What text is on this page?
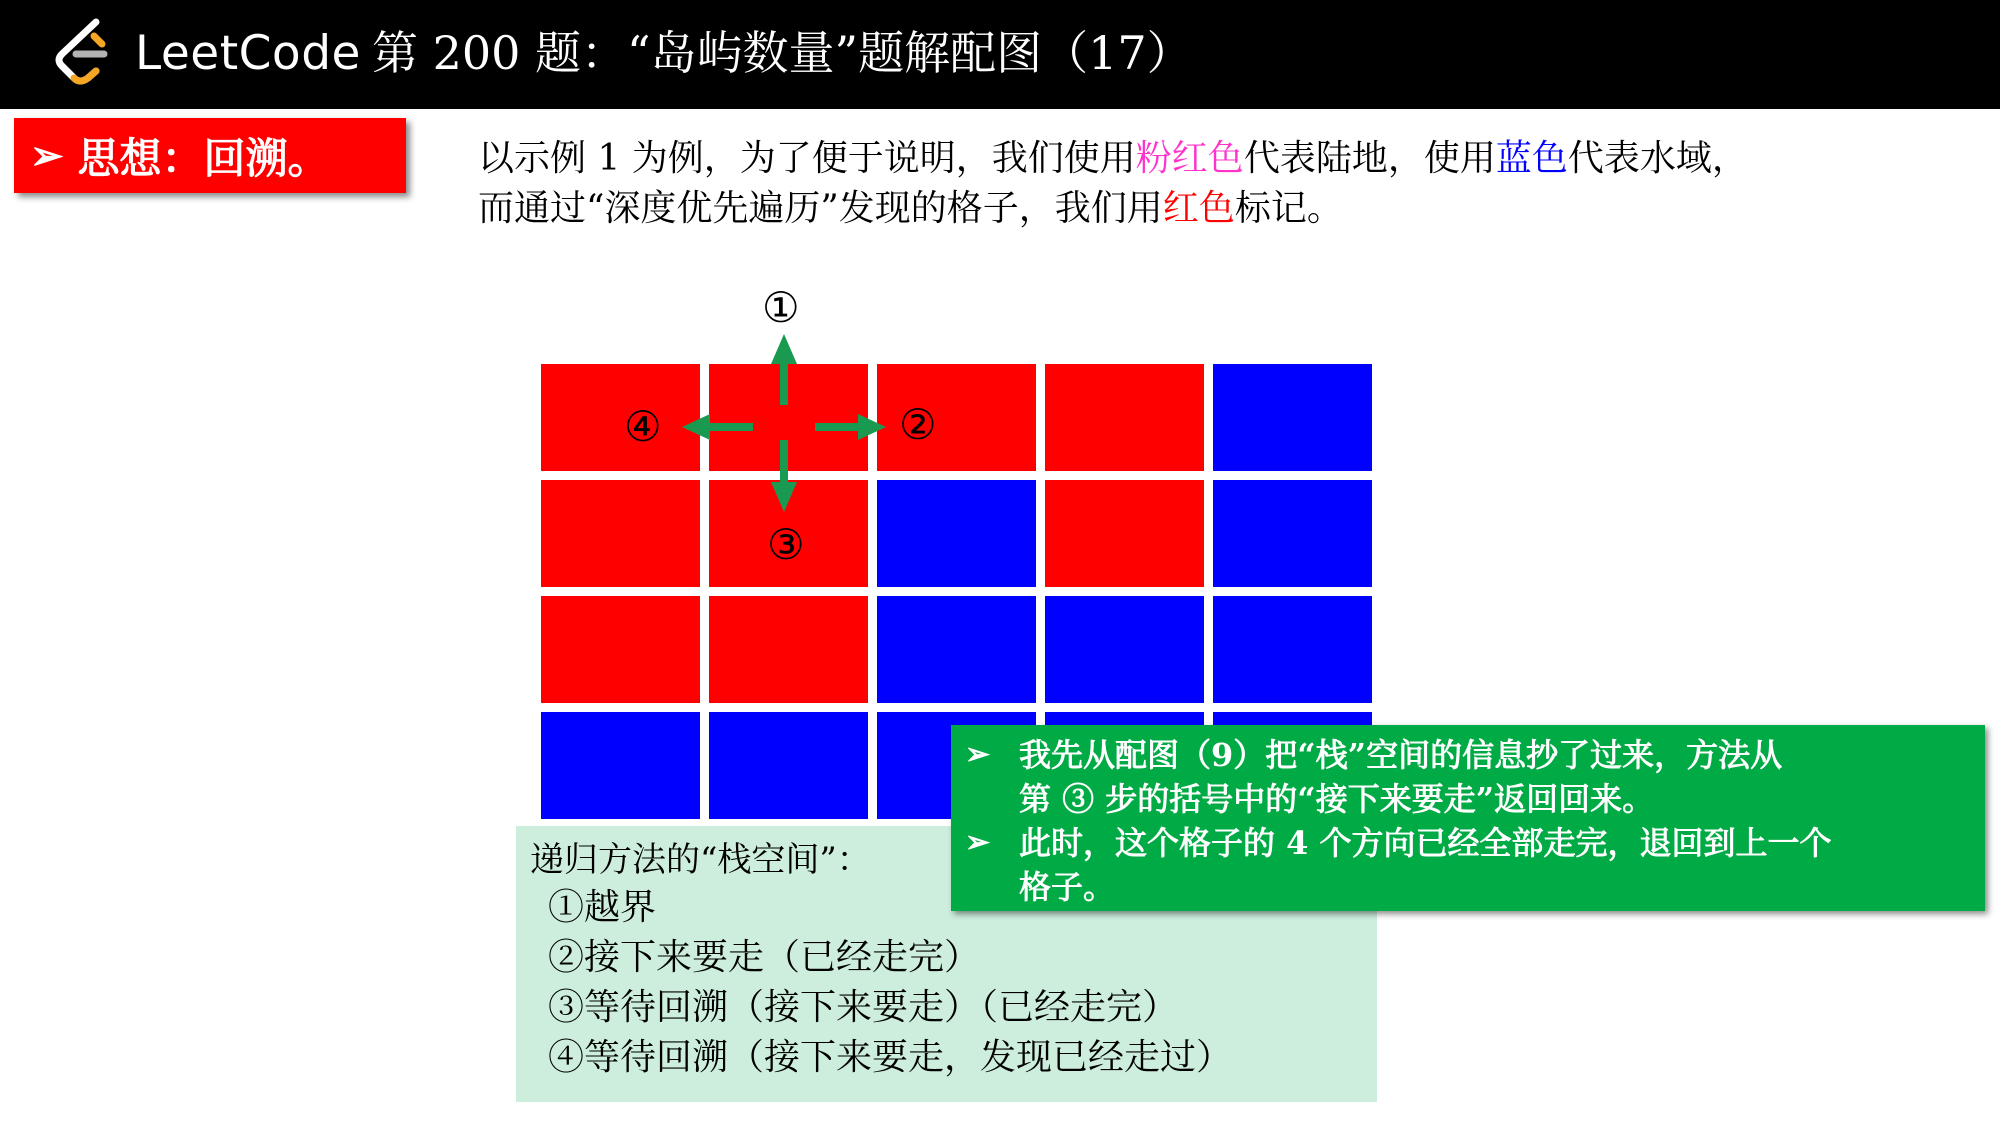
LeetCode 第 200 题：“岛屿数量”题解配图（17）
➢ 思想：回溯。	以示例 1 为例，为了便于说明，我们使用粉红色代表陆地，使用蓝色代表水域，
而通过“深度优先遍历”发现的格子，我们用红色标记。
①
②
③
④
递归方法的“栈空间”：
①越界
②接下来要走（已经走完）
③等待回溯（接下来要走）（已经走完）
④等待回溯（接下来要走，发现已经走过）
➢ 我先从配图（9）把“栈”空间的信息抄了过来，方法从
第 ③ 步的括号中的“接下来要走”返回回来。
➢ 此时，这个格子的 4 个方向已经全部走完，退回到上一个
格子。
